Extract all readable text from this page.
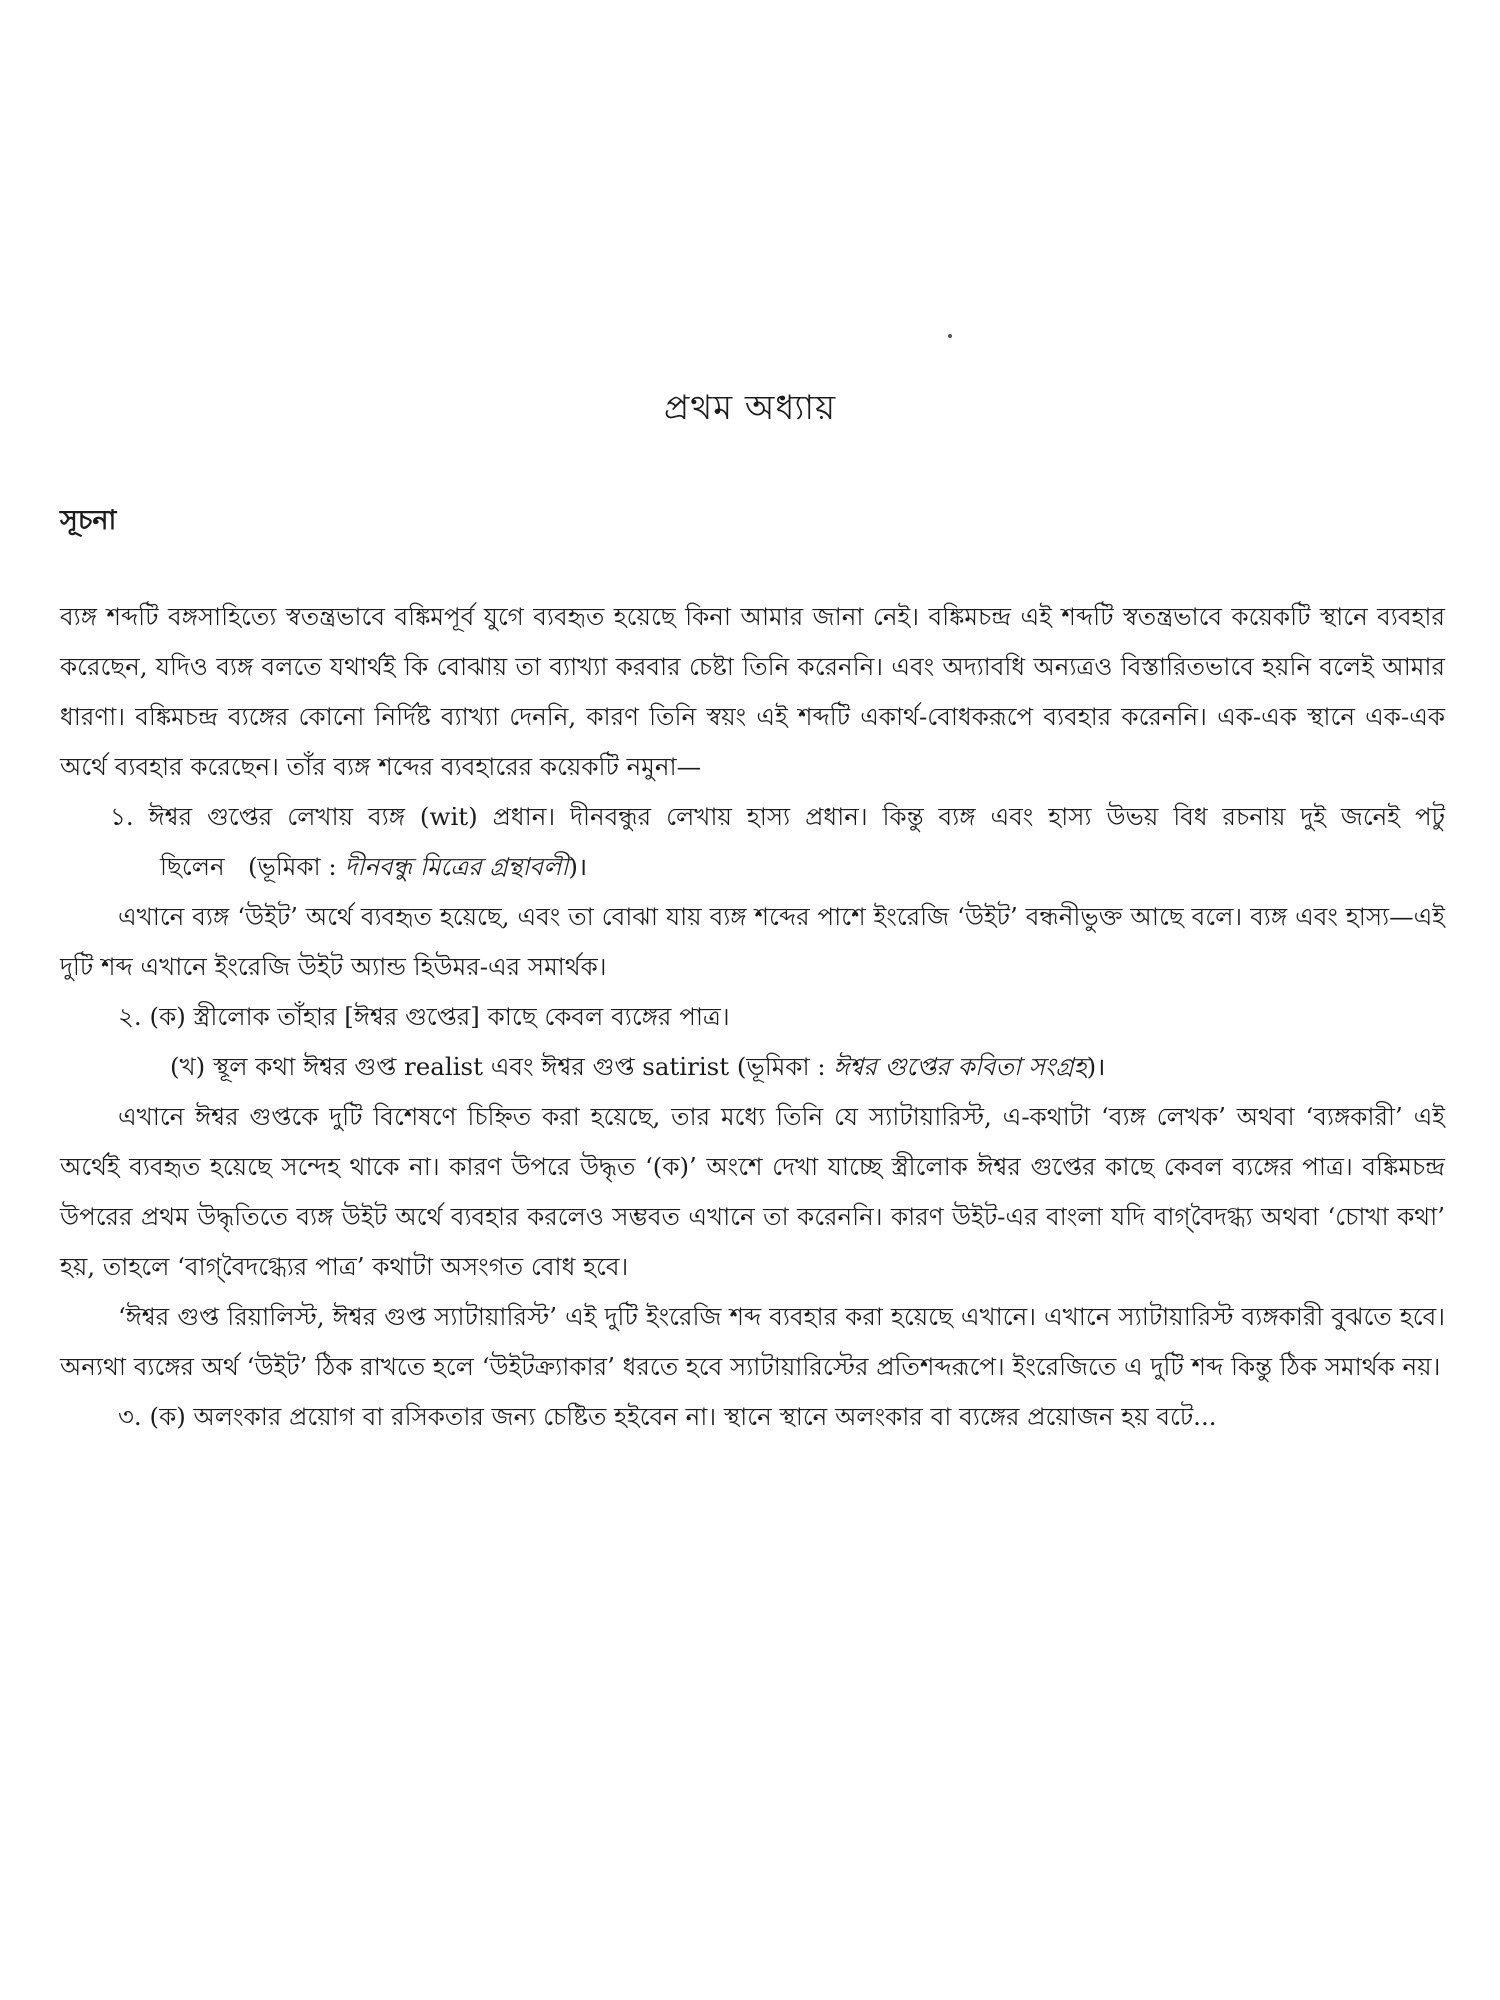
প্রথম অধ্যায়
সূচনা

ব্যঙ্গ শব্দটি বঙ্গসাহিত্যে স্বতন্ত্রভাবে বঙ্কিমপূর্ব যুগে ব্যবহৃত হয়েছে কিনা আমার জানা নেই। বঙ্কিমচন্দ্র এই শব্দটি স্বতন্ত্রভাবে কয়েকটি স্থানে ব্যবহার করেছেন, যদিও ব্যঙ্গ বলতে যথার্থই কি বোঝায় তা ব্যাখ্যা করবার চেষ্টা তিনি করেননি। এবং অদ্যাবধি অন্যত্রও বিস্তারিতভাবে হয়নি বলেই আমার ধারণা। বঙ্কিমচন্দ্র ব্যঙ্গের কোনো নির্দিষ্ট ব্যাখ্যা দেননি, কারণ তিনি স্বয়ং এই শব্দটি একার্থ-বোধকরূপে ব্যবহার করেননি। এক-এক স্থানে এক-এক অর্থে ব্যবহার করেছেন। তাঁর ব্যঙ্গ শব্দের ব্যবহারের কয়েকটি নমুনা—

১. ঈশ্বর গুপ্তের লেখায় ব্যঙ্গ (wit) প্রধান। দীনবন্ধুর লেখায় হাস্য প্রধান। কিন্তু ব্যঙ্গ এবং হাস্য উভয় বিধ রচনায় দুই জনেই পটু ছিলেন (ভূমিকা : দীনবন্ধু মিত্রের গ্রন্থাবলী)।

এখানে ব্যঙ্গ ‘উইট’ অর্থে ব্যবহৃত হয়েছে, এবং তা বোঝা যায় ব্যঙ্গ শব্দের পাশে ইংরেজি ‘উইট’ বন্ধনীভুক্ত আছে বলে। ব্যঙ্গ এবং হাস্য—এই দুটি শব্দ এখানে ইংরেজি উইট অ্যান্ড হিউমর-এর সমার্থক।

২. (ক) স্ত্রীলোক তাঁহার [ঈশ্বর গুপ্তের] কাছে কেবল ব্যঙ্গের পাত্র।

(খ) স্থূল কথা ঈশ্বর গুপ্ত realist এবং ঈশ্বর গুপ্ত satirist (ভূমিকা : ঈশ্বর গুপ্তের কবিতা সংগ্রহ)।

এখানে ঈশ্বর গুপ্তকে দুটি বিশেষণে চিহ্নিত করা হয়েছে, তার মধ্যে তিনি যে স্যাটায়ারিস্ট, এ-কথাটা ‘ব্যঙ্গ লেখক’ অথবা ‘ব্যঙ্গকারী’ এই অর্থেই ব্যবহৃত হয়েছে সন্দেহ থাকে না। কারণ উপরে উদ্ধৃত ‘(ক)’ অংশে দেখা যাচ্ছে স্ত্রীলোক ঈশ্বর গুপ্তের কাছে কেবল ব্যঙ্গের পাত্র। বঙ্কিমচন্দ্র উপরের প্রথম উদ্ধৃতিতে ব্যঙ্গ উইট অর্থে ব্যবহার করলেও সম্ভবত এখানে তা করেননি। কারণ উইট-এর বাংলা যদি বাগ্‌বৈদগ্ধ্য অথবা ‘চোখা কথা’ হয়, তাহলে ‘বাগ্‌বৈদগ্ধ্যের পাত্র’ কথাটা অসংগত বোধ হবে।

‘ঈশ্বর গুপ্ত রিয়ালিস্ট, ঈশ্বর গুপ্ত স্যাটায়ারিস্ট’ এই দুটি ইংরেজি শব্দ ব্যবহার করা হয়েছে এখানে। এখানে স্যাটায়ারিস্ট ব্যঙ্গকারী বুঝতে হবে। অন্যথা ব্যঙ্গের অর্থ ‘উইট’ ঠিক রাখতে হলে ‘উইটক্র্যাকার’ ধরতে হবে স্যাটায়ারিস্টের প্রতিশব্দরূপে। ইংরেজিতে এ দুটি শব্দ কিন্তু ঠিক সমার্থক নয়।

৩. (ক) অলংকার প্রয়োগ বা রসিকতার জন্য চেষ্টিত হইবেন না। স্থানে স্থানে অলংকার বা ব্যঙ্গের প্রয়োজন হয় বটে...
